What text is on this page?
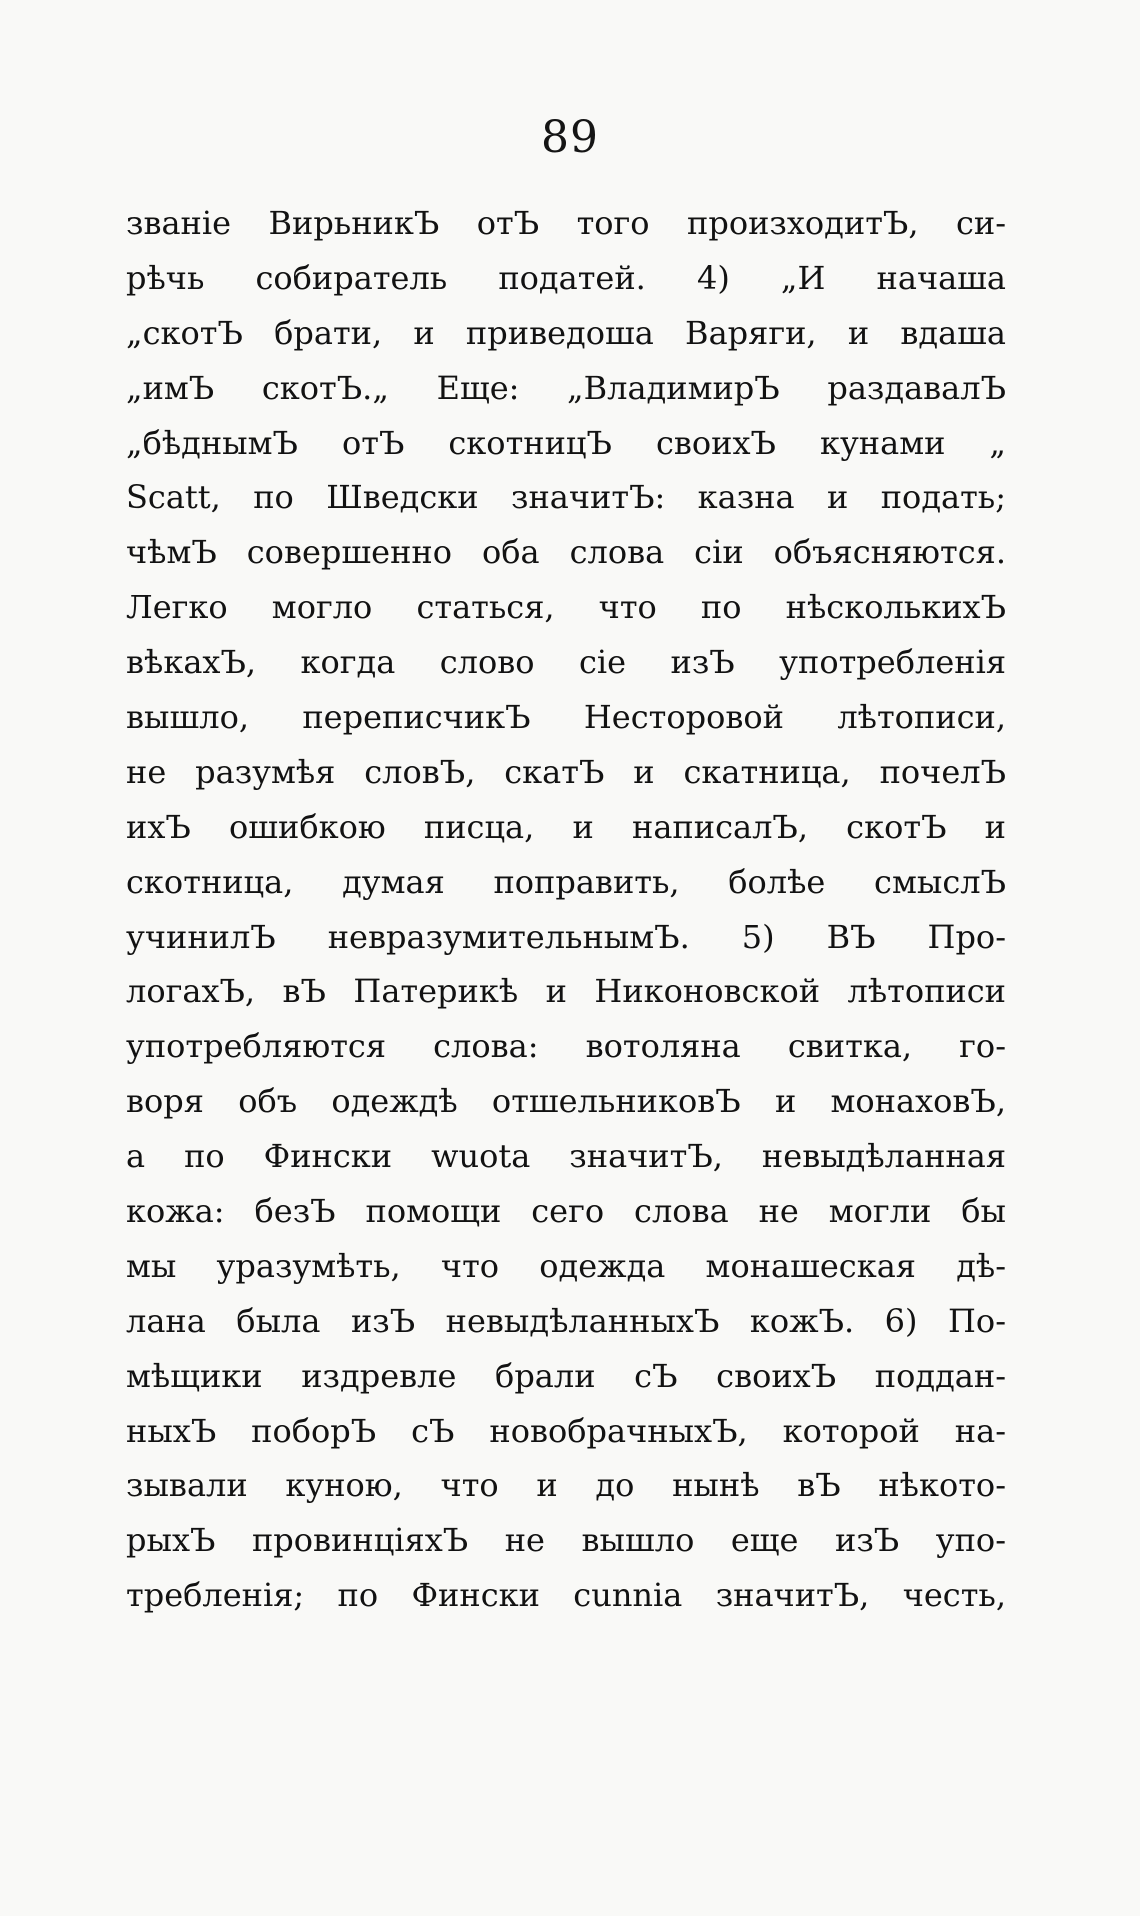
89
званіе ВирьникЪ отЪ того произходитЪ, си-
рѣчь собиратель податей. 4) „И начаша
„скотЪ брати, и приведоша Варяги, и вдаша
„имЪ скотЪ.„ Еще: „ВладимирЪ раздавалЪ
„бѣднымЪ отЪ скотницЪ своихЪ кунами „
Scatt, по Шведски значитЪ: казна и подать;
чѣмЪ совершенно оба слова сіи объясняются.
Легко могло статься, что по нѣсколькихЪ
вѣкахЪ, когда слово сіе изЪ употребленія
вышло, переписчикЪ Несторовой лѣтописи,
не разумѣя словЪ, скатЪ и скатница, почелЪ
ихЪ ошибкою писца, и написалЪ, скотЪ и
скотница, думая поправить, болѣе смыслЪ
учинилЪ невразумительнымЪ. 5) ВЪ Про-
логахЪ, вЪ Патерикѣ и Никоновской лѣтописи
употребляются слова: вотоляна свитка, го-
воря объ одеждѣ отшельниковЪ и монаховЪ,
а по Фински wuota значитЪ, невыдѣланная
кожа: безЪ помощи сего слова не могли бы
мы уразумѣть, что одежда монашеская дѣ-
лана была изЪ невыдѣланныхЪ кожЪ. 6) По-
мѣщики издревле брали сЪ своихЪ поддан-
ныхЪ поборЪ сЪ новобрачныхЪ, которой на-
зывали куною, что и до нынѣ вЪ нѣкото-
рыхЪ провинціяхЪ не вышло еще изЪ упо-
требленія; по Фински cunnia значитЪ, честь,
